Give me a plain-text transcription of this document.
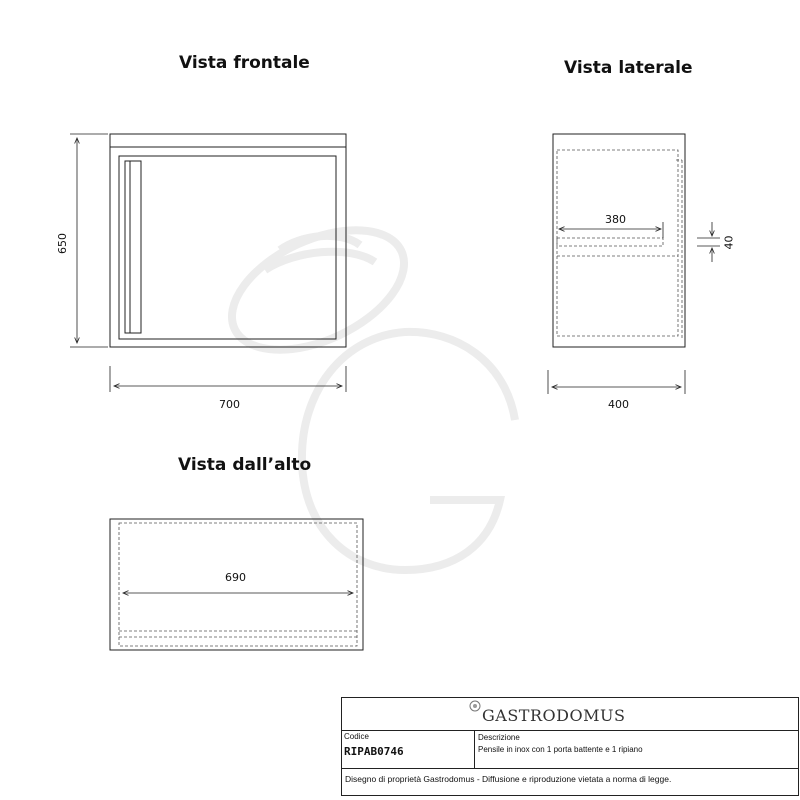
Vista frontale	Vista laterale
Vista dall’alto
650
700
380
40
400
690
GASTRODOMUS
Codice
RIPAB0746
Descrizione
Pensile in inox con 1 porta battente e 1 ripiano
Disegno di proprietà Gastrodomus - Diffusione e riproduzione vietata a norma di legge.
